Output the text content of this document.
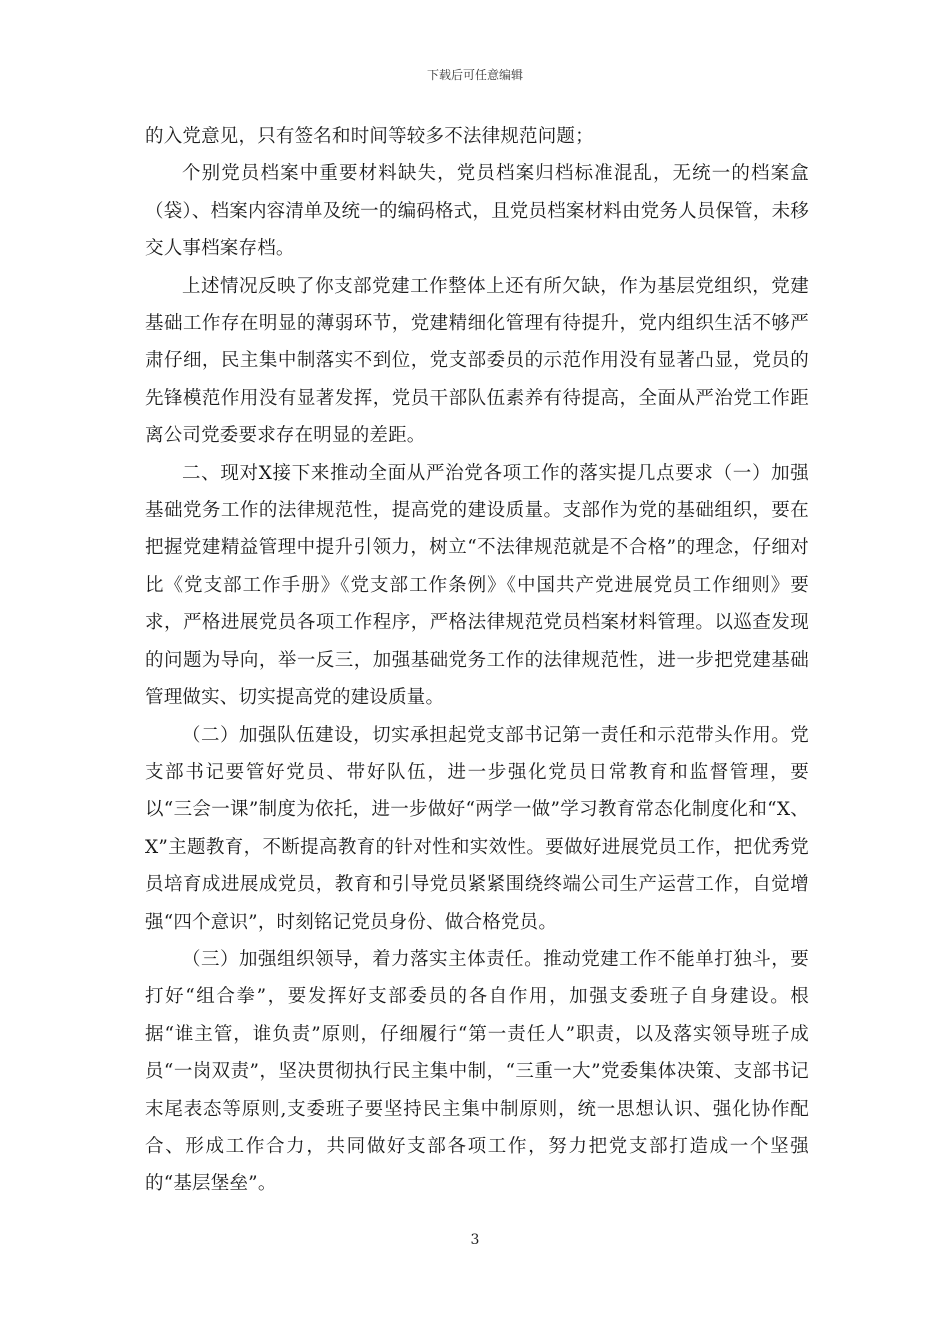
下载后可任意编辑

的入党意见，只有签名和时间等较多不法律规范问题；

个别党员档案中重要材料缺失，党员档案归档标准混乱，无统一的档案盒（袋）、档案内容清单及统一的编码格式，且党员档案材料由党务人员保管，未移交人事档案存档。

上述情况反映了你支部党建工作整体上还有所欠缺，作为基层党组织，党建基础工作存在明显的薄弱环节，党建精细化管理有待提升，党内组织生活不够严肃仔细，民主集中制落实不到位，党支部委员的示范作用没有显著凸显，党员的先锋模范作用没有显著发挥，党员干部队伍素养有待提高，全面从严治党工作距离公司党委要求存在明显的差距。

二、现对X接下来推动全面从严治党各项工作的落实提几点要求（一）加强基础党务工作的法律规范性，提高党的建设质量。支部作为党的基础组织，要在把握党建精益管理中提升引领力，树立“不法律规范就是不合格”的理念，仔细对比《党支部工作手册》《党支部工作条例》《中国共产党进展党员工作细则》要求，严格进展党员各项工作程序，严格法律规范党员档案材料管理。以巡查发现的问题为导向，举一反三，加强基础党务工作的法律规范性，进一步把党建基础管理做实、切实提高党的建设质量。

（二）加强队伍建设，切实承担起党支部书记第一责任和示范带头作用。党支部书记要管好党员、带好队伍，进一步强化党员日常教育和监督管理，要以“三会一课”制度为依托，进一步做好“两学一做”学习教育常态化制度化和“X、X”主题教育，不断提高教育的针对性和实效性。要做好进展党员工作，把优秀党员培育成进展成党员，教育和引导党员紧紧围绕终端公司生产运营工作，自觉增强“四个意识”，时刻铭记党员身份、做合格党员。

（三）加强组织领导，着力落实主体责任。推动党建工作不能单打独斗，要打好“组合拳”，要发挥好支部委员的各自作用，加强支委班子自身建设。根据“谁主管，谁负责”原则，仔细履行“第一责任人”职责，以及落实领导班子成员“一岗双责”，坚决贯彻执行民主集中制，“三重一大”党委集体决策、支部书记末尾表态等原则,支委班子要坚持民主集中制原则，统一思想认识、强化协作配合、形成工作合力，共同做好支部各项工作，努力把党支部打造成一个坚强的“基层堡垒”。

3
